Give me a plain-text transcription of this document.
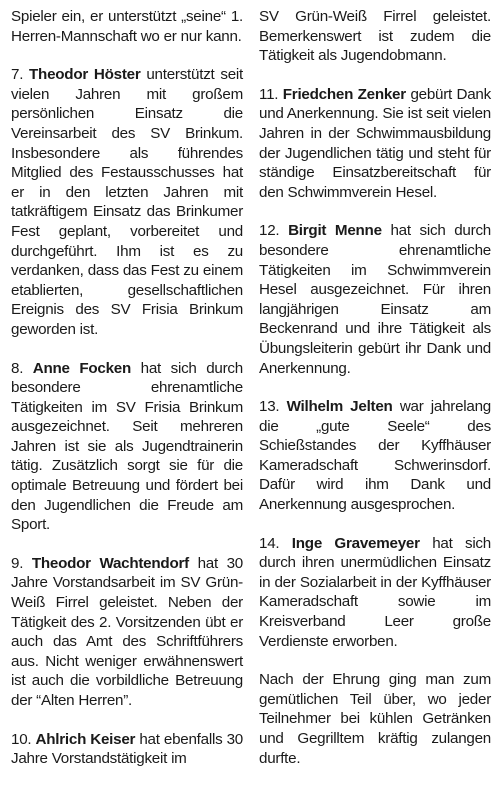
Spieler ein, er unterstützt „seine“ 1. Herren-Mannschaft wo er nur kann.

7. Theodor Höster unterstützt seit vielen Jahren mit großem persönlichen Einsatz die Vereinsarbeit des SV Brinkum. Insbesondere als führendes Mitglied des Festausschusses hat er in den letzten Jahren mit tatkräftigem Einsatz das Brinkumer Fest geplant, vorbereitet und durchgeführt. Ihm ist es zu verdanken, dass das Fest zu einem etablierten, gesellschaftlichen Ereignis des SV Frisia Brinkum geworden ist.

8. Anne Focken hat sich durch besondere ehrenamtliche Tätigkeiten im SV Frisia Brinkum ausgezeichnet. Seit mehreren Jahren ist sie als Jugendtrainerin tätig. Zusätzlich sorgt sie für die optimale Betreuung und fördert bei den Jugendlichen die Freude am Sport.

9. Theodor Wachtendorf hat 30 Jahre Vorstandsarbeit im SV Grün-Weiß Firrel geleistet. Neben der Tätigkeit des 2. Vorsitzenden übt er auch das Amt des Schriftführers aus. Nicht weniger erwähnenswert ist auch die vorbildliche Betreuung der “Alten Herren”.

10. Ahlrich Keiser hat ebenfalls 30 Jahre Vorstandstätigkeit im

SV Grün-Weiß Firrel geleistet. Bemerkenswert ist zudem die Tätigkeit als Jugendobmann.

11. Friedchen Zenker gebürt Dank und Anerkennung. Sie ist seit vielen Jahren in der Schwimmausbildung der Jugendlichen tätig und steht für ständige Einsatzbereitschaft für den Schwimmverein Hesel.

12. Birgit Menne hat sich durch besondere ehrenamtliche Tätigkeiten im Schwimmverein Hesel ausgezeichnet. Für ihren langjährigen Einsatz am Beckenrand und ihre Tätigkeit als Übungsleiterin gebürt ihr Dank und Anerkennung.

13. Wilhelm Jelten war jahrelang die „gute Seele“ des Schießstandes der Kyffhäuser Kameradschaft Schwerinsdorf. Dafür wird ihm Dank und Anerkennung ausgesprochen.

14. Inge Gravemeyer hat sich durch ihren unermüdlichen Einsatz in der Sozialarbeit in der Kyffhäuser Kameradschaft sowie im Kreisverband Leer große Verdienste erworben.

Nach der Ehrung ging man zum gemütlichen Teil über, wo jeder Teilnehmer bei kühlen Getränken und Gegrilltem kräftig zulangen durfte.
